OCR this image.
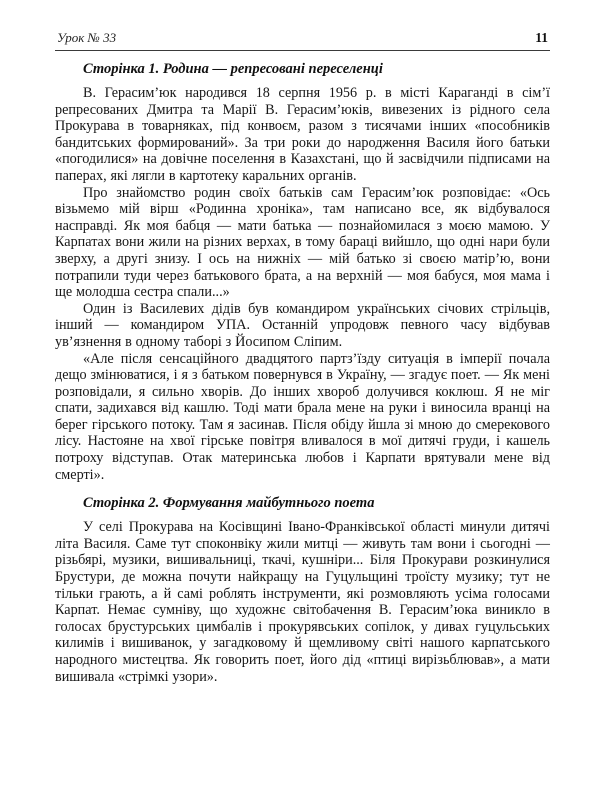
Урок № 33	11
Сторінка 1. Родина — репресовані переселенці

В. Герасим’юк народився 18 серпня 1956 р. в місті Караганді в сім’ї репресованих Дмитра та Марії В. Герасим’юків, вивезених із рідного села Прокурава в товарняках, під конвоєм, разом з тисячами інших «пособників бандитських формирований». За три роки до народження Василя його батьки «погодилися» на довічне поселення в Казахстані, що й засвідчили підписами на паперах, які лягли в картотеку каральних органів.

Про знайомство родин своїх батьків сам Герасим’юк розповідає: «Ось візьмемо мій вірш «Родинна хроніка», там написано все, як відбувалося насправді. Як моя бабця — мати батька — познайомилася з моєю мамою. У Карпатах вони жили на різних верхах, в тому бараці вийшло, що одні нари були зверху, а другі знизу. І ось на нижніх — мій батько зі своєю матір’ю, вони потрапили туди через батькового брата, а на верхній — моя бабуся, моя мама і ще молодша сестра спали...»

Один із Василевих дідів був командиром українських січових стрільців, інший — командиром УПА. Останній упродовж певного часу відбував ув’язнення в одному таборі з Йосипом Сліпим.

«Але після сенсаційного двадцятого партз’їзду ситуація в імперії почала дещо змінюватися, і я з батьком повернувся в Україну, — згадує поет. — Як мені розповідали, я сильно хворів. До інших хвороб долучився коклюш. Я не міг спати, задихався від кашлю. Тоді мати брала мене на руки і виносила вранці на берег гірського потоку. Там я засинав. Після обіду йшла зі мною до смерекового лісу. Настояне на хвої гірське повітря вливалося в мої дитячі груди, і кашель потроху відступав. Отак материнська любов і Карпати врятували мене від смерті».

Сторінка 2. Формування майбутнього поета

У селі Прокурава на Косівщині Івано-Франківської області минули дитячі літа Василя. Саме тут споконвіку жили митці — живуть там вони і сьогодні — різьбярі, музики, вишивальниці, ткачі, кушніри... Біля Прокурави розкинулися Брустури, де можна почути найкращу на Гуцульщині троїсту музику; тут не тільки грають, а й самі роблять інструменти, які розмовляють усіма голосами Карпат. Немає сумніву, що художнє світобачення В. Герасим’юка виникло в голосах брустурських цимбалів і прокурявських сопілок, у дивах гуцульських килимів і вишиванок, у загадковому й щемливому світі нашого карпатського народного мистецтва. Як говорить поет, його дід «птиці вирізьблював», а мати вишивала «стрімкі узори».
